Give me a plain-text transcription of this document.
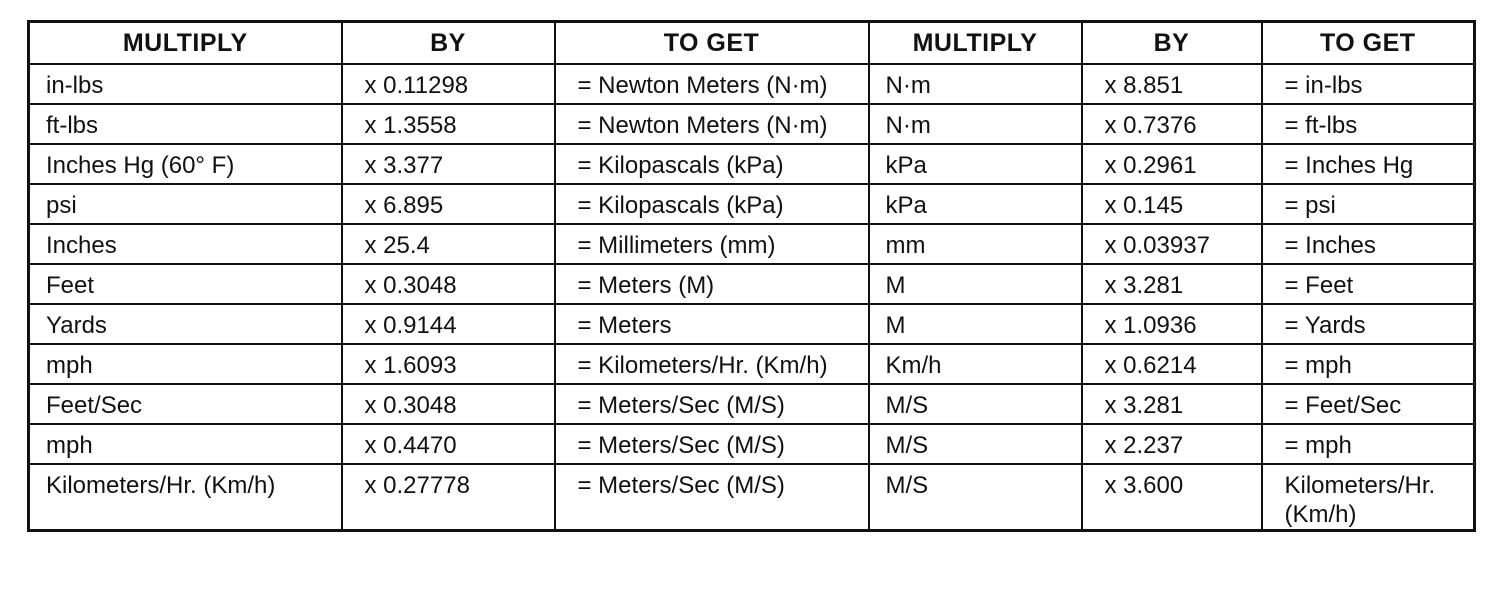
MULTIPLY	BY	TO GET	MULTIPLY	BY	TO GET
in-lbs	x 0.11298	= Newton Meters (N·m)	N·m	x 8.851	= in-lbs
ft-lbs	x 1.3558	= Newton Meters (N·m)	N·m	x 0.7376	= ft-lbs
Inches Hg (60° F)	x 3.377	= Kilopascals (kPa)	kPa	x 0.2961	= Inches Hg
psi	x 6.895	= Kilopascals (kPa)	kPa	x 0.145	= psi
Inches	x 25.4	= Millimeters (mm)	mm	x 0.03937	= Inches
Feet	x 0.3048	= Meters (M)	M	x 3.281	= Feet
Yards	x 0.9144	= Meters	M	x 1.0936	= Yards
mph	x 1.6093	= Kilometers/Hr. (Km/h)	Km/h	x 0.6214	= mph
Feet/Sec	x 0.3048	= Meters/Sec (M/S)	M/S	x 3.281	= Feet/Sec
mph	x 0.4470	= Meters/Sec (M/S)	M/S	x 2.237	= mph
Kilometers/Hr. (Km/h)	x 0.27778	= Meters/Sec (M/S)	M/S	x 3.600	Kilometers/Hr. (Km/h)
